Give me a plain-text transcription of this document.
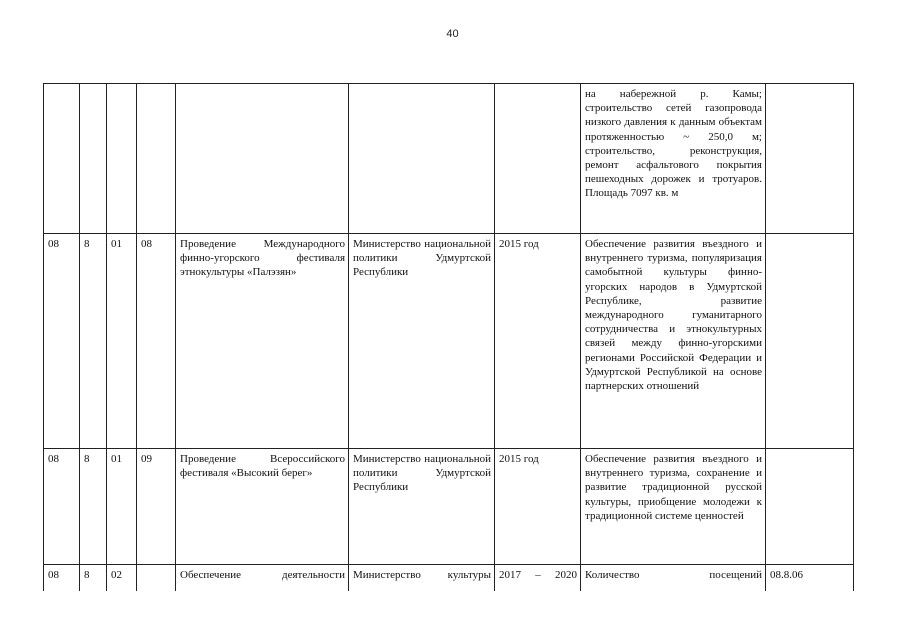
40
							на набережной р. Камы; строительство сетей газопровода низкого давления к данным объектам протяженностью ~ 250,0 м; строительство, реконструкция, ремонт асфальтового покрытия пешеходных дорожек и тротуаров. Площадь 7097 кв. м	
08	8	01	08	Проведение Международного финно-угорского фестиваля этнокультуры «Палэзян»	Министерство национальной политики Удмуртской Республики	2015 год	Обеспечение развития въездного и внутреннего туризма, популяризация самобытной культуры финно-угорских народов в Удмуртской Республике, развитие международного гуманитарного сотрудничества и этнокультурных связей между финно-угорскими регионами Российской Федерации и Удмуртской Республикой на основе партнерских отношений	
08	8	01	09	Проведение Всероссийского фестиваля «Высокий берег»	Министерство национальной политики Удмуртской Республики	2015 год	Обеспечение развития въездного и внутреннего туризма, сохранение и развитие традиционной русской культуры, приобщение молодежи к традиционной системе ценностей	
08	8	02		Обеспечение деятельности	Министерство культуры	2017 – 2020	Количество посещений	08.8.06
